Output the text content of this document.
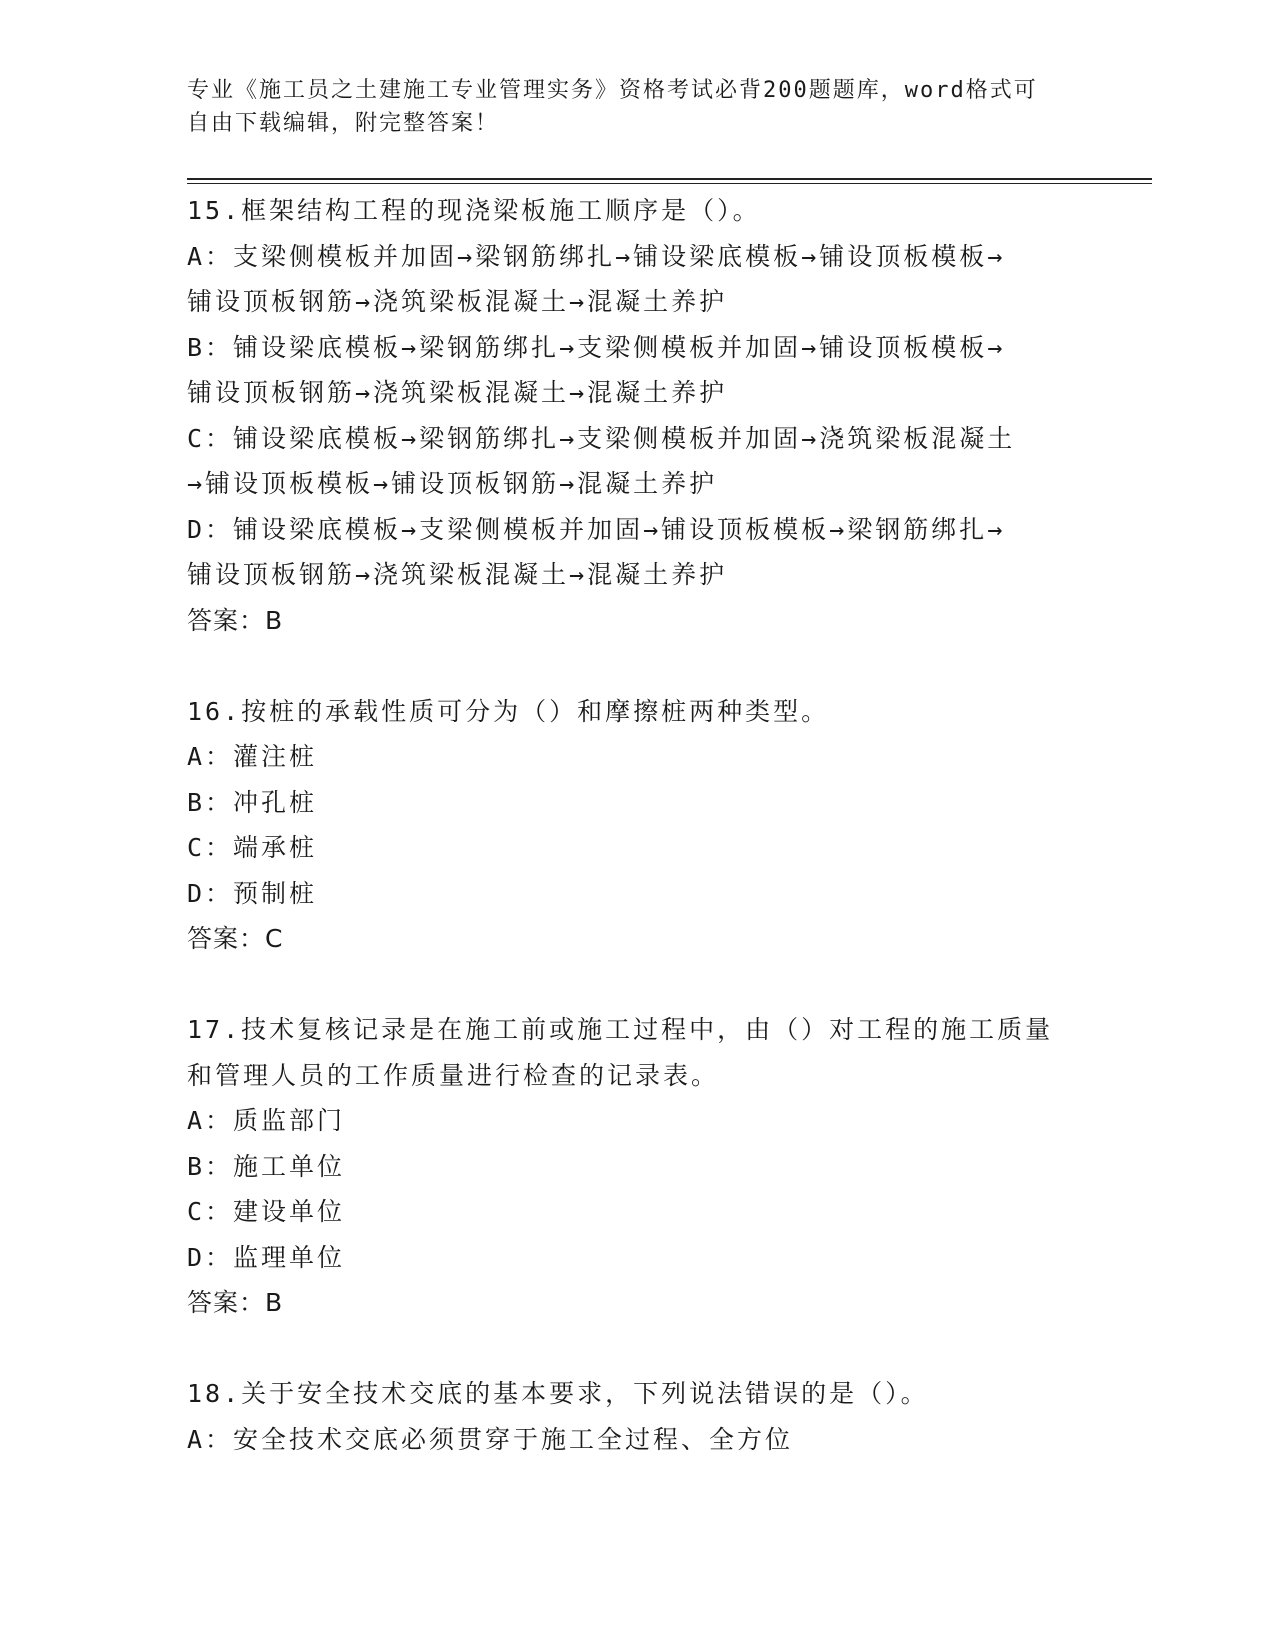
专业《施工员之土建施工专业管理实务》资格考试必背200题题库，word格式可
自由下载编辑，附完整答案！
15.框架结构工程的现浇梁板施工顺序是（）。
A：支梁侧模板并加固→梁钢筋绑扎→铺设梁底模板→铺设顶板模板→
铺设顶板钢筋→浇筑梁板混凝土→混凝土养护
B：铺设梁底模板→梁钢筋绑扎→支梁侧模板并加固→铺设顶板模板→
铺设顶板钢筋→浇筑梁板混凝土→混凝土养护
C：铺设梁底模板→梁钢筋绑扎→支梁侧模板并加固→浇筑梁板混凝土
→铺设顶板模板→铺设顶板钢筋→混凝土养护
D：铺设梁底模板→支梁侧模板并加固→铺设顶板模板→梁钢筋绑扎→
铺设顶板钢筋→浇筑梁板混凝土→混凝土养护
答案：B
16.按桩的承载性质可分为（）和摩擦桩两种类型。
A：灌注桩
B：冲孔桩
C：端承桩
D：预制桩
答案：C
17.技术复核记录是在施工前或施工过程中，由（）对工程的施工质量
和管理人员的工作质量进行检查的记录表。
A：质监部门
B：施工单位
C：建设单位
D：监理单位
答案：B
18.关于安全技术交底的基本要求，下列说法错误的是（）。
A：安全技术交底必须贯穿于施工全过程、全方位
